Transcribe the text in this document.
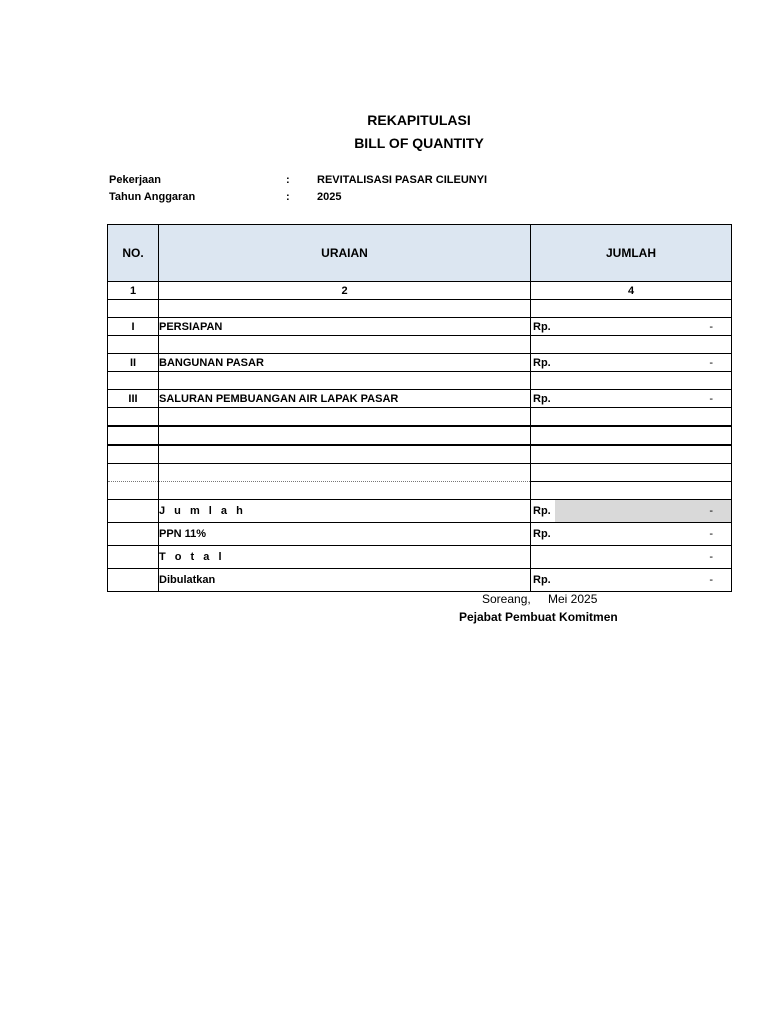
REKAPITULASI
BILL OF QUANTITY
Pekerjaan	: REVITALISASI PASAR CILEUNYI
Tahun Anggaran	: 2025
NO.	URAIAN	JUMLAH
1	2	4

I	PERSIAPAN	Rp. -

II	BANGUNAN PASAR	Rp. -

III	SALURAN PEMBUANGAN AIR LAPAK PASAR	Rp. -

	J u m l a h	Rp. -

	PPN 11%	Rp. -

	T o t a l	-

	Dibulatkan	Rp. -
Soreang, Mei 2025
Pejabat Pembuat Komitmen
